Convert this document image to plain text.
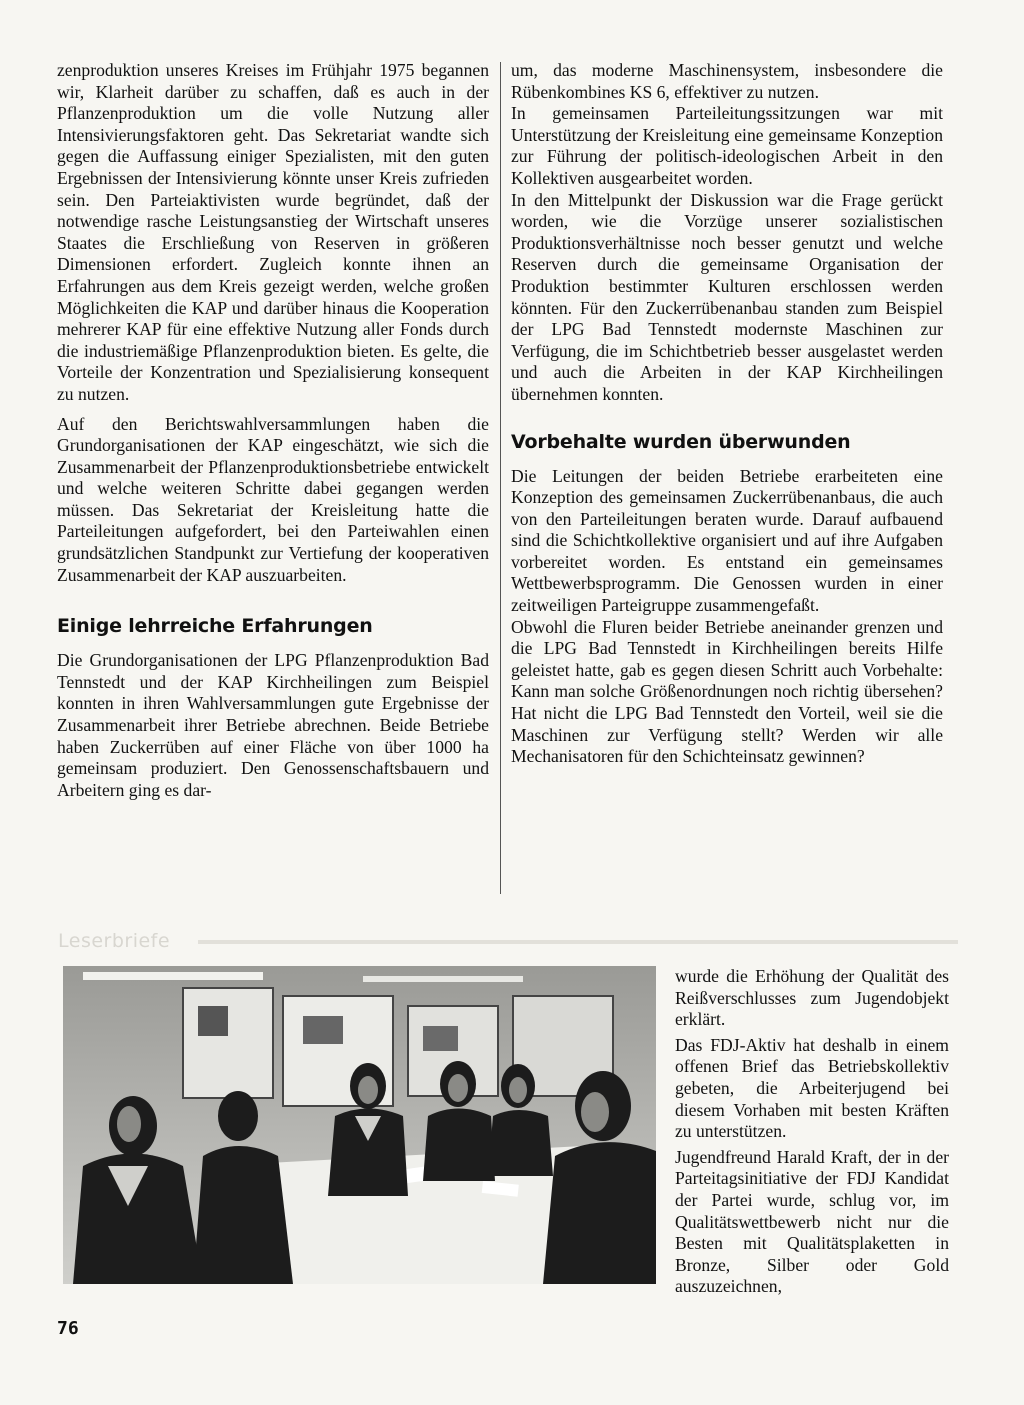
zenproduktion unseres Kreises im Frühjahr 1975 begannen wir, Klarheit darüber zu schaffen, daß es auch in der Pflanzenproduktion um die volle Nutzung aller Intensivierungsfaktoren geht. Das Sekretariat wandte sich gegen die Auffassung einiger Spezialisten, mit den guten Ergebnissen der Intensivierung könnte unser Kreis zufrieden sein. Den Parteiaktivisten wurde begründet, daß der notwendige rasche Leistungsanstieg der Wirtschaft unseres Staates die Erschließung von Reserven in größeren Dimensionen erfordert. Zugleich konnte ihnen an Erfahrungen aus dem Kreis gezeigt werden, welche großen Möglichkeiten die KAP und darüber hinaus die Kooperation mehrerer KAP für eine effektive Nutzung aller Fonds durch die industriemäßige Pflanzenproduktion bieten. Es gelte, die Vorteile der Konzentration und Spezialisierung konsequent zu nutzen.

Auf den Berichtswahlversammlungen haben die Grundorganisationen der KAP eingeschätzt, wie sich die Zusammenarbeit der Pflanzenproduktionsbetriebe entwickelt und welche weiteren Schritte dabei gegangen werden müssen. Das Sekretariat der Kreisleitung hatte die Parteileitungen aufgefordert, bei den Parteiwahlen einen grundsätzlichen Standpunkt zur Vertiefung der kooperativen Zusammenarbeit der KAP auszuarbeiten.

Einige lehrreiche Erfahrungen

Die Grundorganisationen der LPG Pflanzenproduktion Bad Tennstedt und der KAP Kirchheilingen zum Beispiel konnten in ihren Wahlversammlungen gute Ergebnisse der Zusammenarbeit ihrer Betriebe abrechnen. Beide Betriebe haben Zuckerrüben auf einer Fläche von über 1000 ha gemeinsam produziert. Den Genossenschaftsbauern und Arbeitern ging es dar-

um, das moderne Maschinensystem, insbesondere die Rübenkombines KS 6, effektiver zu nutzen.

In gemeinsamen Parteileitungssitzungen war mit Unterstützung der Kreisleitung eine gemeinsame Konzeption zur Führung der politisch-ideologischen Arbeit in den Kollektiven ausgearbeitet worden.

In den Mittelpunkt der Diskussion war die Frage gerückt worden, wie die Vorzüge unserer sozialistischen Produktionsverhältnisse noch besser genutzt und welche Reserven durch die gemeinsame Organisation der Produktion bestimmter Kulturen erschlossen werden könnten. Für den Zuckerrübenanbau standen zum Beispiel der LPG Bad Tennstedt modernste Maschinen zur Verfügung, die im Schichtbetrieb besser ausgelastet werden und auch die Arbeiten in der KAP Kirchheilingen übernehmen konnten.

Vorbehalte wurden überwunden

Die Leitungen der beiden Betriebe erarbeiteten eine Konzeption des gemeinsamen Zuckerrübenanbaus, die auch von den Parteileitungen beraten wurde. Darauf aufbauend sind die Schichtkollektive organisiert und auf ihre Aufgaben vorbereitet worden. Es entstand ein gemeinsames Wettbewerbsprogramm. Die Genossen wurden in einer zeitweiligen Parteigruppe zusammengefaßt.

Obwohl die Fluren beider Betriebe aneinander grenzen und die LPG Bad Tennstedt in Kirchheilingen bereits Hilfe geleistet hatte, gab es gegen diesen Schritt auch Vorbehalte: Kann man solche Größenordnungen noch richtig übersehen? Hat nicht die LPG Bad Tennstedt den Vorteil, weil sie die Maschinen zur Verfügung stellt? Werden wir alle Mechanisatoren für den Schichteinsatz gewinnen?

Leserbriefe

wurde die Erhöhung der Qualität des Reißverschlusses zum Jugendobjekt erklärt.

Das FDJ-Aktiv hat deshalb in einem offenen Brief das Betriebskollektiv gebeten, die Arbeiterjugend bei diesem Vorhaben mit besten Kräften zu unterstützen.

Jugendfreund Harald Kraft, der in der Parteitagsinitiative der FDJ Kandidat der Partei wurde, schlug vor, im Qualitätswettbewerb nicht nur die Besten mit Qualitätsplaketten in Bronze, Silber oder Gold auszuzeichnen,

76
